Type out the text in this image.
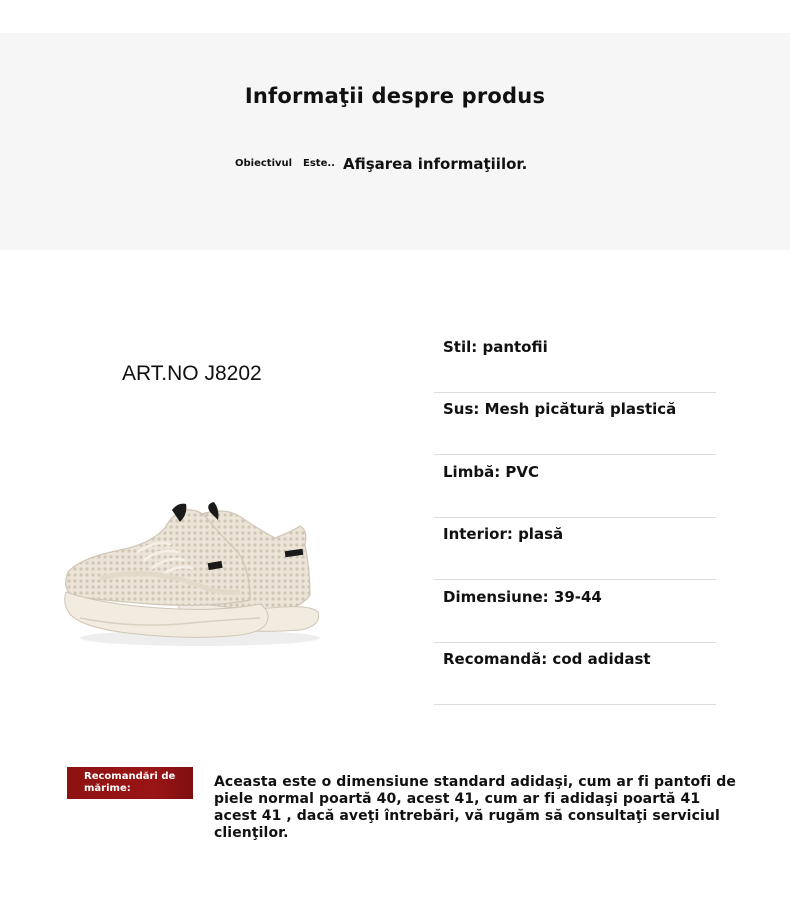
Informaţii despre produs
Obiectivul Este.. Afişarea informaţiilor.
ART.NO J8202
Stil: pantofii
Sus: Mesh picătură plastică
Limbă: PVC
Interior: plasă
Dimensiune: 39-44
Recomandă: cod adidast
Recomandări de mărime:	Aceasta este o dimensiune standard adidaşi, cum ar fi pantofi de piele normal poartă 40, acest 41, cum ar fi adidaşi poartă 41 acest 41 , dacă aveţi întrebări, vă rugăm să consultaţi serviciul clienţilor.
